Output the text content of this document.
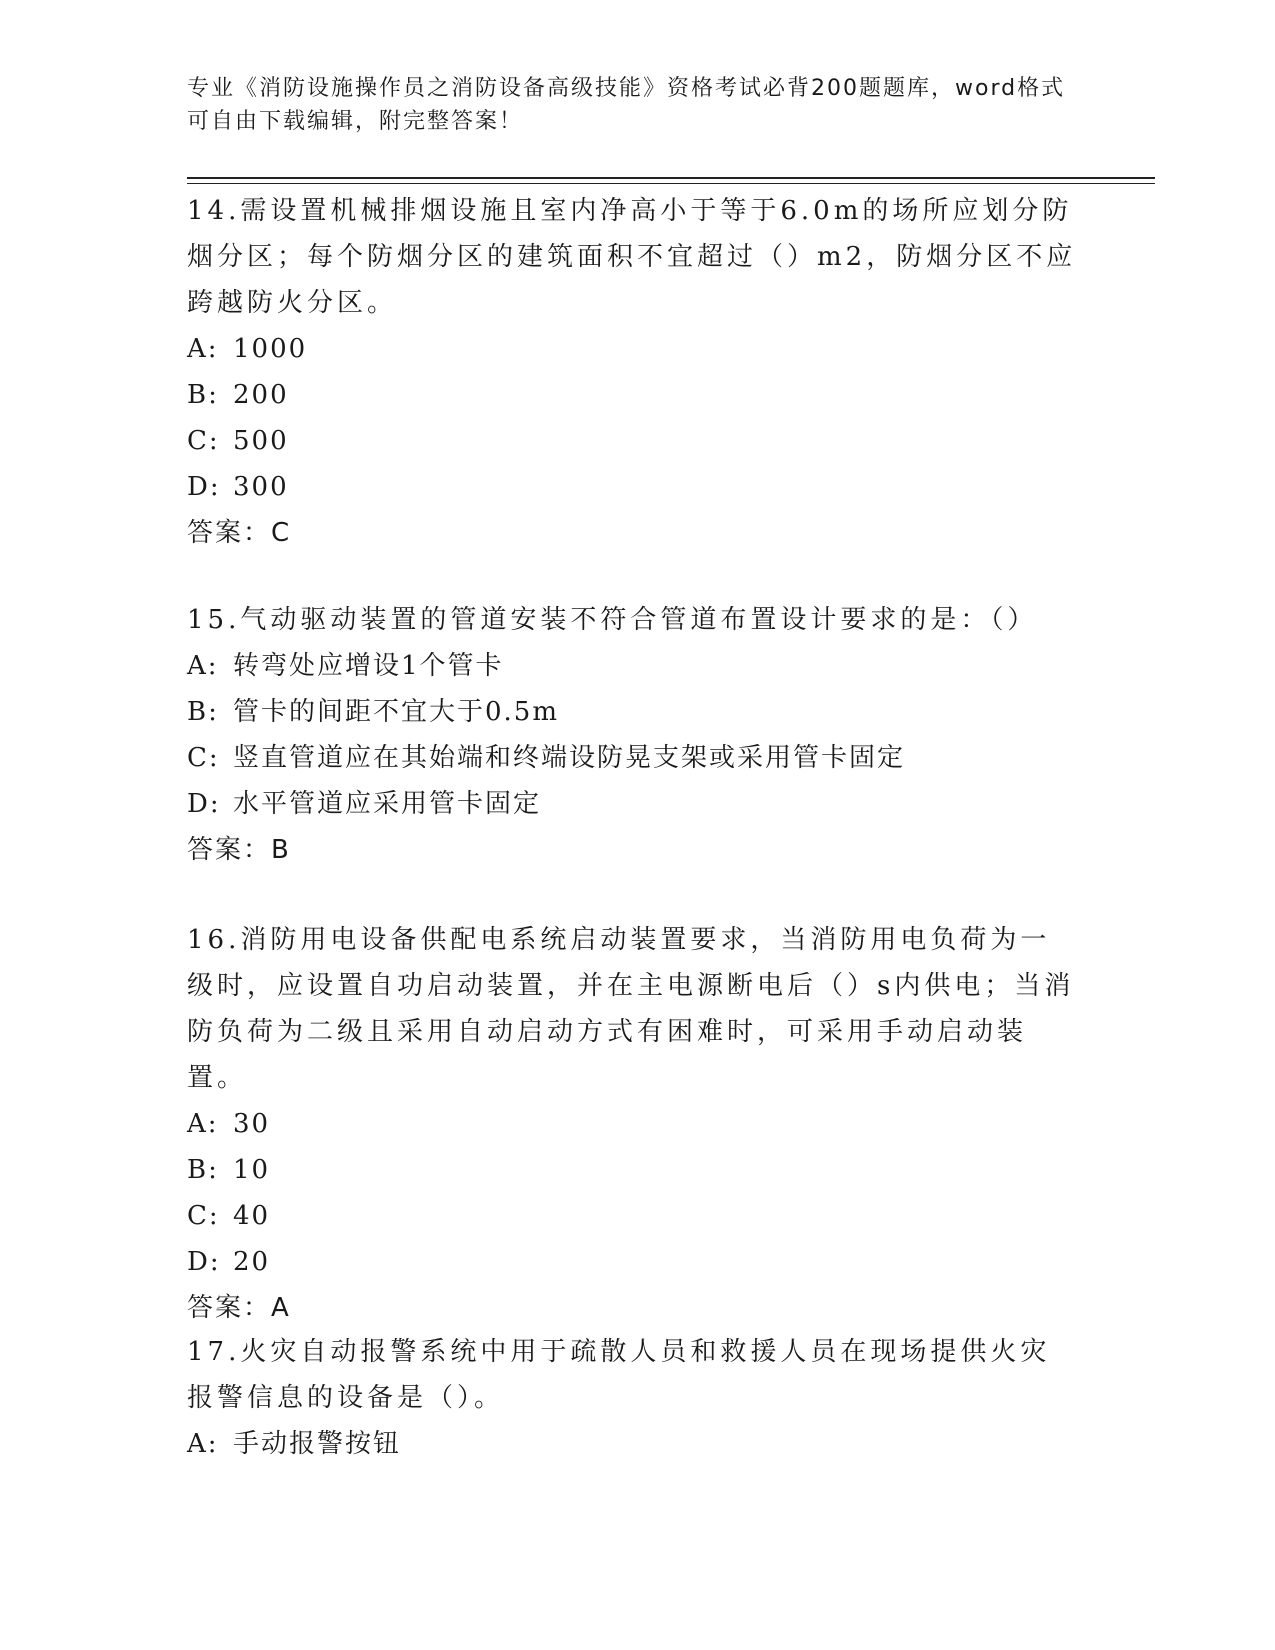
专业《消防设施操作员之消防设备高级技能》资格考试必背200题题库，word格式可自由下载编辑，附完整答案！

14.需设置机械排烟设施且室内净高小于等于6.0m的场所应划分防烟分区；每个防烟分区的建筑面积不宜超过（）m2，防烟分区不应跨越防火分区。

A: 1000

B: 200

C: 500

D: 300

答案：C

15.气动驱动装置的管道安装不符合管道布置设计要求的是：（）

A: 转弯处应增设1个管卡

B: 管卡的间距不宜大于0.5m

C: 竖直管道应在其始端和终端设防晃支架或采用管卡固定

D: 水平管道应采用管卡固定

答案：B

16.消防用电设备供配电系统启动装置要求，当消防用电负荷为一级时，应设置自功启动装置，并在主电源断电后（）s内供电；当消防负荷为二级且采用自动启动方式有困难时，可采用手动启动装置。

A: 30

B: 10

C: 40

D: 20

答案：A

17.火灾自动报警系统中用于疏散人员和救援人员在现场提供火灾报警信息的设备是（）。

A: 手动报警按钮
